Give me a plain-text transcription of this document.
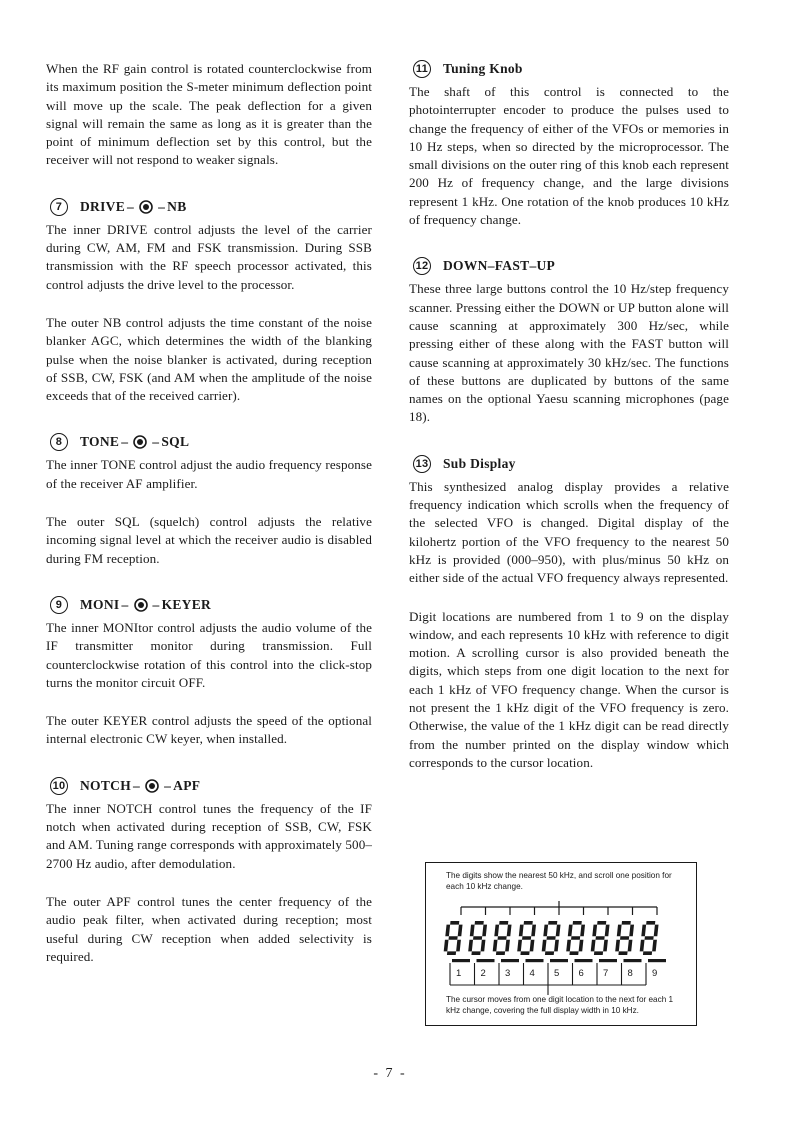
When the RF gain control is rotated counterclockwise from its maximum position the S-meter minimum deflection point will move up the scale. The peak deflection for a given signal will remain the same as long as it is greater than the point of minimum deflection set by this control, but the receiver will not respond to weaker signals.

7	DRIVE – – NB

The inner DRIVE control adjusts the level of the carrier during CW, AM, FM and FSK transmission. During SSB transmission with the RF speech processor activated, this control adjusts the drive level to the processor.

The outer NB control adjusts the time constant of the noise blanker AGC, which determines the width of the blanking pulse when the noise blanker is activated, during reception of SSB, CW, FSK (and AM when the amplitude of the noise exceeds that of the received carrier).

8	TONE – – SQL

The inner TONE control adjust the audio frequency response of the receiver AF amplifier.

The outer SQL (squelch) control adjusts the relative incoming signal level at which the receiver audio is disabled during FM reception.

9	MONI – – KEYER

The inner MONItor control adjusts the audio volume of the IF transmitter monitor during transmission. Full counterclockwise rotation of this control into the click-stop turns the monitor circuit OFF.

The outer KEYER control adjusts the speed of the optional internal electronic CW keyer, when installed.

10 NOTCH – – APF

The inner NOTCH control tunes the frequency of the IF notch when activated during reception of SSB, CW, FSK and AM. Tuning range corresponds with approximately 500–2700 Hz audio, after demodulation.

The outer APF control tunes the center frequency of the audio peak filter, when activated during reception; most useful during CW reception when added selectivity is required.

11 Tuning Knob

The shaft of this control is connected to the photointerrupter encoder to produce the pulses used to change the frequency of either of the VFOs or memories in 10 Hz steps, when so directed by the microprocessor. The small divisions on the outer ring of this knob each represent 200 Hz of frequency change, and the large divisions represent 1 kHz. One rotation of the knob produces 10 kHz of frequency change.

12 DOWN–FAST–UP

These three large buttons control the 10 Hz/step frequency scanner. Pressing either the DOWN or UP button alone will cause scanning at approximately 300 Hz/sec, while pressing either of these along with the FAST button will cause scanning at approximately 30 kHz/sec. The functions of these buttons are duplicated by buttons of the same names on the optional Yaesu scanning microphones (page 18).

13 Sub Display

This synthesized analog display provides a relative frequency indication which scrolls when the frequency of the selected VFO is changed. Digital display of the kilohertz portion of the VFO frequency to the nearest 50 kHz is provided (000–950), with plus/minus 50 kHz on either side of the actual VFO frequency always represented.

Digit locations are numbered from 1 to 9 on the display window, and each represents 10 kHz with reference to digit motion. A scrolling cursor is also provided beneath the digits, which steps from one digit location to the next for each 1 kHz of VFO frequency change. When the cursor is not present the 1 kHz digit of the VFO frequency is zero. Otherwise, the value of the 1 kHz digit can be read directly from the number printed on the display window which corresponds to the cursor location.

The digits show the nearest 50 kHz, and scroll one position for each 10 kHz change.
1 2 3 4 5 6 7 8 9
The cursor moves from one digit location to the next for each 1 kHz change, covering the full display width in 10 kHz.
- 7 -
